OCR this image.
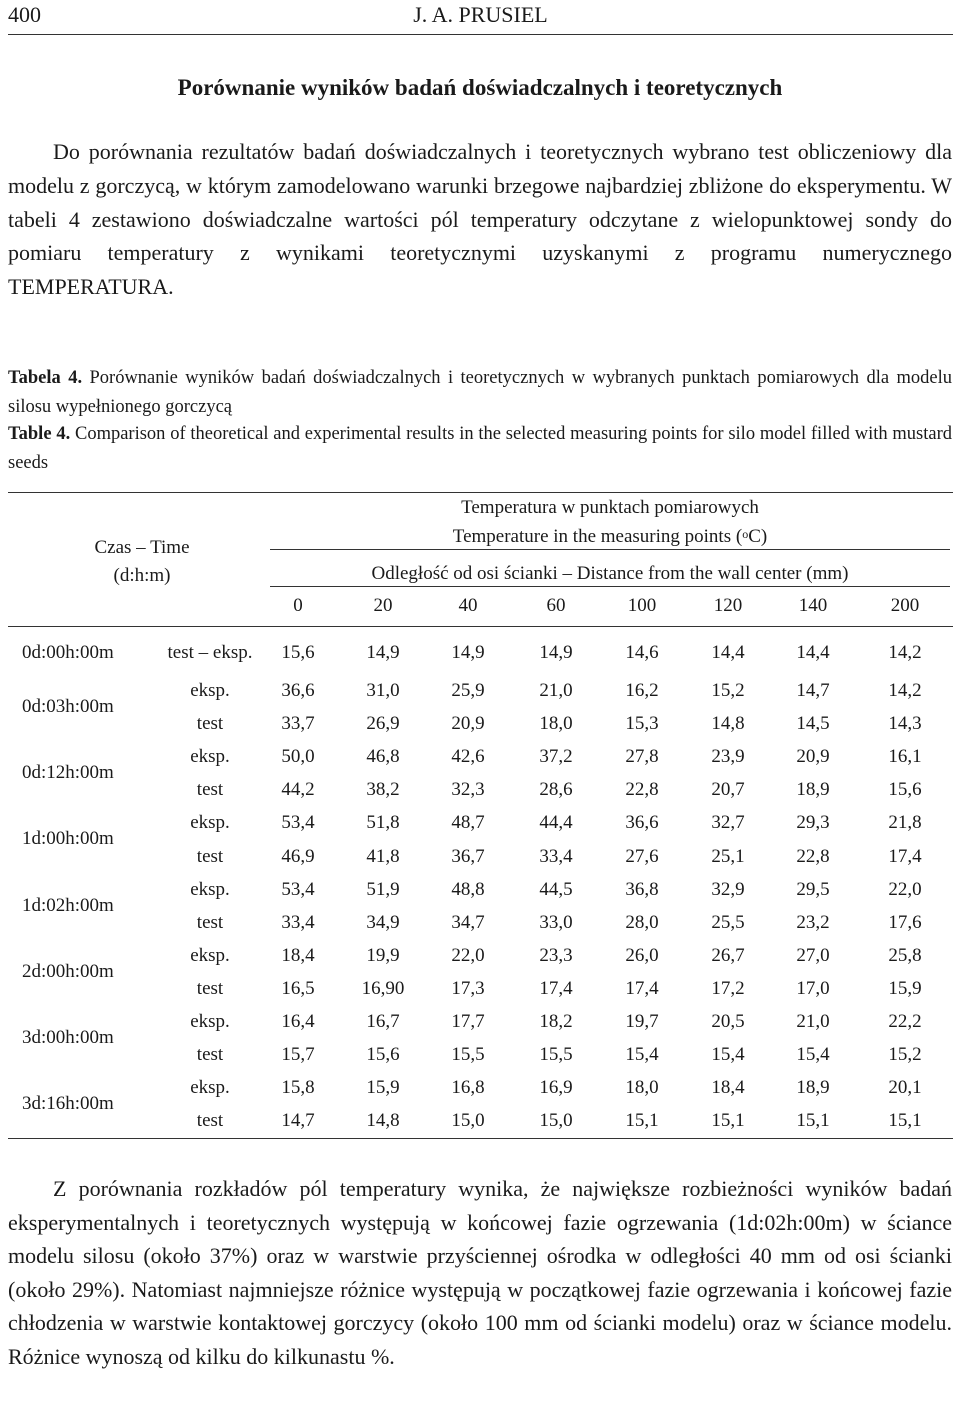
400	J. A. PRUSIEL
Porównanie wyników badań doświadczalnych i teoretycznych

Do porównania rezultatów badań doświadczalnych i teoretycznych wybrano test obliczeniowy dla modelu z gorczycą, w którym zamodelowano warunki brzegowe najbardziej zbliżone do eksperymentu. W tabeli 4 zestawiono doświadczalne wartości pól temperatury odczytane z wielopunktowej sondy do pomiaru temperatury z wynikami teoretycznymi uzyskanymi z programu numerycznego TEMPERATURA.

Tabela 4. Porównanie wyników badań doświadczalnych i teoretycznych w wybranych punktach pomiarowych dla modelu silosu wypełnionego gorczycą

Table 4. Comparison of theoretical and experimental results in the selected measuring points for silo model filled with mustard seeds

Czas – Time
(d:h:m)
Temperatura w punktach pomiarowych
Temperature in the measuring points ($^o$C)
Odległość od osi ścianki – Distance from the wall center (mm)
0	20	40	60	100	120	140	200
0d:00h:00m	test – eksp.	15,6	14,9	14,9	14,9	14,6	14,4	14,4	14,2
0d:03h:00m
eksp.	36,6	31,0	25,9	21,0	16,2	15,2	14,7	14,2
test	33,7	26,9	20,9	18,0	15,3	14,8	14,5	14,3
0d:12h:00m
eksp.	50,0	46,8	42,6	37,2	27,8	23,9	20,9	16,1
test	44,2	38,2	32,3	28,6	22,8	20,7	18,9	15,6
1d:00h:00m
eksp.	53,4	51,8	48,7	44,4	36,6	32,7	29,3	21,8
test	46,9	41,8	36,7	33,4	27,6	25,1	22,8	17,4
1d:02h:00m
eksp.	53,4	51,9	48,8	44,5	36,8	32,9	29,5	22,0
test	33,4	34,9	34,7	33,0	28,0	25,5	23,2	17,6
2d:00h:00m
eksp.	18,4	19,9	22,0	23,3	26,0	26,7	27,0	25,8
test	16,5	16,90	17,3	17,4	17,4	17,2	17,0	15,9
3d:00h:00m
eksp.	16,4	16,7	17,7	18,2	19,7	20,5	21,0	22,2
test	15,7	15,6	15,5	15,5	15,4	15,4	15,4	15,2
3d:16h:00m
eksp.	15,8	15,9	16,8	16,9	18,0	18,4	18,9	20,1
test	14,7	14,8	15,0	15,0	15,1	15,1	15,1	15,1

Z porównania rozkładów pól temperatury wynika, że największe rozbieżności wyników badań eksperymentalnych i teoretycznych występują w końcowej fazie ogrzewania (1d:02h:00m) w ściance modelu silosu (około 37%) oraz w warstwie przyściennej ośrodka w odległości 40 mm od osi ścianki (około 29%). Natomiast najmniejsze różnice występują w początkowej fazie ogrzewania i końcowej fazie chłodzenia w warstwie kontaktowej gorczycy (około 100 mm od ścianki modelu) oraz w ściance modelu. Różnice wynoszą od kilku do kilkunastu %.
